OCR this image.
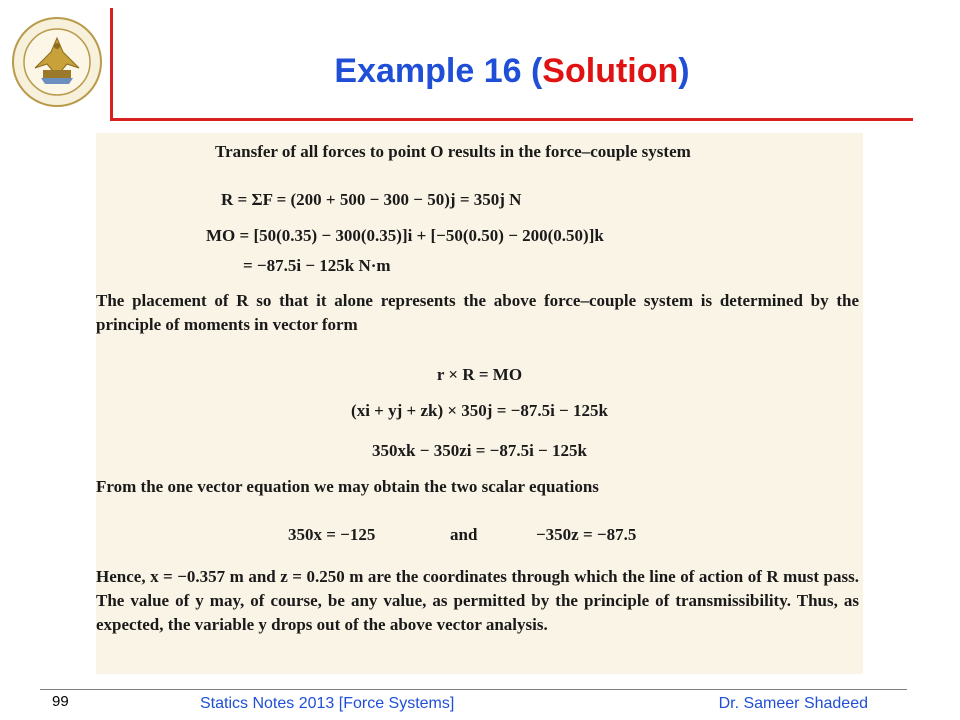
Example 16 (Solution)
Transfer of all forces to point O results in the force–couple system
R = ΣF = (200 + 500 − 300 − 50)j = 350j N
MO = [50(0.35) − 300(0.35)]i + [−50(0.50) − 200(0.50)]k
= −87.5i − 125k N·m
The placement of R so that it alone represents the above force–couple system is determined by the principle of moments in vector form
r × R = MO
(xi + yj + zk) × 350j = −87.5i − 125k
350xk − 350zi = −87.5i − 125k
From the one vector equation we may obtain the two scalar equations
350x = −125	and	−350z = −87.5
Hence, x = −0.357 m and z = 0.250 m are the coordinates through which the line of action of R must pass. The value of y may, of course, be any value, as permitted by the principle of transmissibility. Thus, as expected, the variable y drops out of the above vector analysis.
99	Statics Notes 2013 [Force Systems]	Dr. Sameer Shadeed
